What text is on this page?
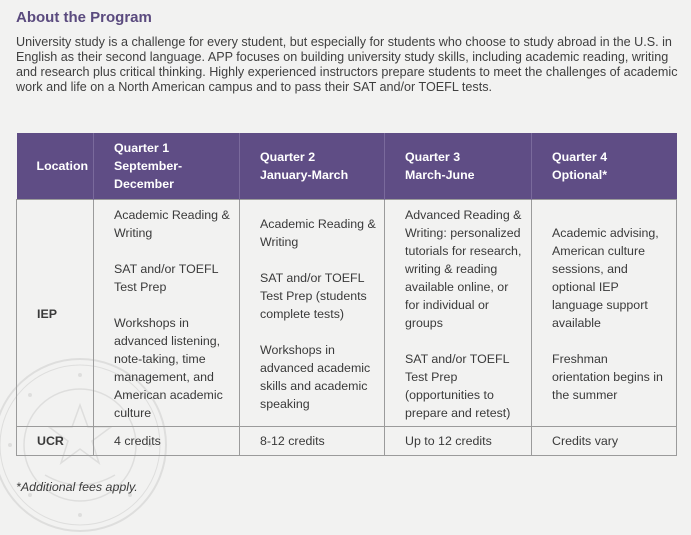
About the Program

University study is a challenge for every student, but especially for students who choose to study abroad in the U.S. in English as their second language. APP focuses on building university study skills, including academic reading, writing and research plus critical thinking. Highly experienced instructors prepare students to meet the challenges of academic work and life on a North American campus and to pass their SAT and/or TOEFL tests.

Location	Quarter 1
September-
December	Quarter 2
January-March	Quarter 3
March-June	Quarter 4
Optional*

IEP	Academic Reading & Writing
SAT and/or TOEFL Test Prep
Workshops in advanced listening, note-taking, time management, and American academic culture	Academic Reading & Writing
SAT and/or TOEFL Test Prep (students complete tests)
Workshops in advanced academic skills and academic speaking	Advanced Reading & Writing: personalized tutorials for research, writing & reading available online, or for individual or groups
SAT and/or TOEFL Test Prep (opportunities to prepare and retest)	Academic advising, American culture sessions, and optional IEP language support available
Freshman orientation begins in the summer

UCR	4 credits	8-12 credits	Up to 12 credits	Credits vary

*Additional fees apply.
